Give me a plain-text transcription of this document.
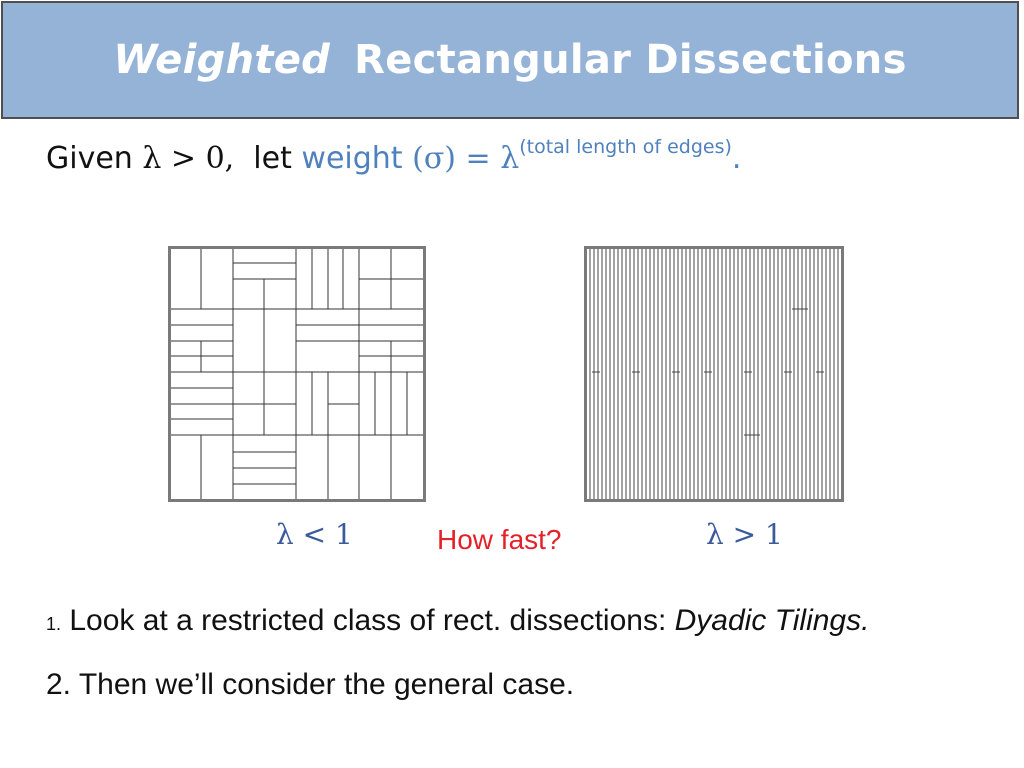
Weighted Rectangular Dissections
Given λ > 0, let weight $(\sigma) = \lambda^{(total length of edges)}$.
λ < 1	How fast?	λ > 1
1. Look at a restricted class of rect. dissections: Dyadic Tilings.
2. Then we’ll consider the general case.
